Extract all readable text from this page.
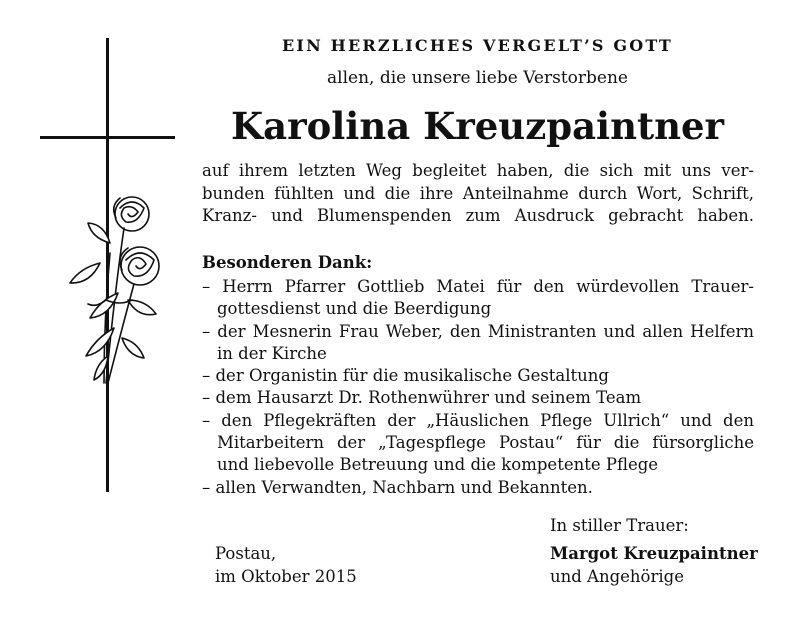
EIN HERZLICHES VERGELT’S GOTT
allen, die unsere liebe Verstorbene
Karolina Kreuzpaintner
auf ihrem letzten Weg begleitet haben, die sich mit uns ver-
bunden fühlten und die ihre Anteilnahme durch Wort, Schrift,
Kranz- und Blumenspenden zum Ausdruck gebracht haben.
Besonderen Dank:
– Herrn Pfarrer Gottlieb Matei für den würdevollen Trauer-
gottesdienst und die Beerdigung
– der Mesnerin Frau Weber, den Ministranten und allen Helfern
in der Kirche
– der Organistin für die musikalische Gestaltung
– dem Hausarzt Dr. Rothenwührer und seinem Team
– den Pflegekräften der „Häuslichen Pflege Ullrich“ und den
Mitarbeitern der „Tagespflege Postau“ für die fürsorgliche
und liebevolle Betreuung und die kompetente Pflege
– allen Verwandten, Nachbarn und Bekannten.
In stiller Trauer:
Postau,
im Oktober 2015
Margot Kreuzpaintner
und Angehörige
